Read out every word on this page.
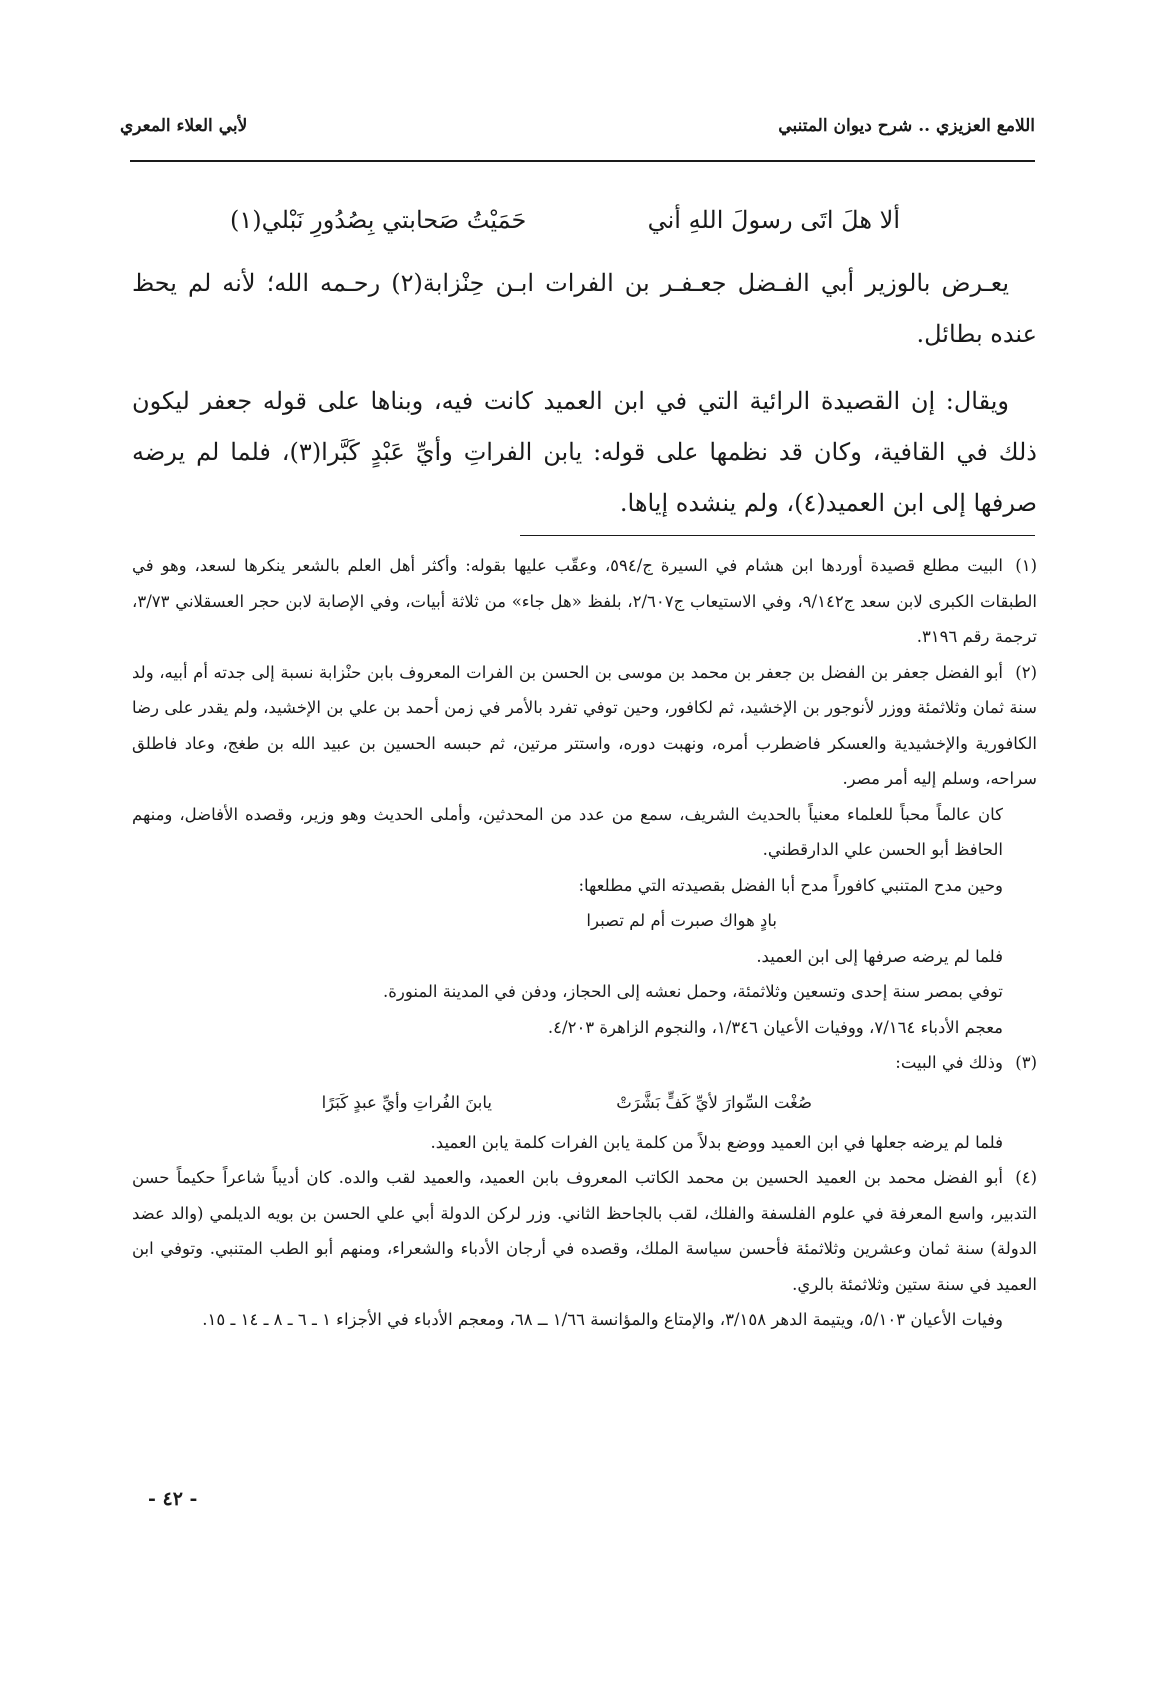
اللامع العزيزي .. شرح ديوان المتنبي
لأبي العلاء المعري
ألا هلَ اتَى رسولَ اللهِ أني
حَمَيْتُ صَحابتي بِصُدُورِ نَبْلي(١)

يعـرض بالوزير أبي الفـضل جعـفـر بن الفرات ابـن حِنْزابة(٢) رحـمه الله؛ لأنه لم يحظ عنده بطائل.

ويقال: إن القصيدة الرائية التي في ابن العميد كانت فيه، وبناها على قوله جعفر ليكون ذلك في القافية، وكان قد نظمها على قوله: يابن الفراتِ وأيِّ عَبْدٍ كَبَّرا(٣)، فلما لم يرضه صرفها إلى ابن العميد(٤)، ولم ينشده إياها.

(١)البيت مطلع قصيدة أوردها ابن هشام في السيرة ج/٥٩٤، وعقّب عليها بقوله: وأكثر أهل العلم بالشعر ينكرها لسعد، وهو في الطبقات الكبرى لابن سعد ج٩/١٤٢، وفي الاستيعاب ج٢/٦٠٧، بلفظ «هل جاء» من ثلاثة أبيات، وفي الإصابة لابن حجر العسقلاني ٣/٧٣، ترجمة رقم ٣١٩٦.
(٢)أبو الفضل جعفر بن الفضل بن جعفر بن محمد بن موسى بن الحسن بن الفرات المعروف بابن حنْزابة نسبة إلى جدته أم أبيه، ولد سنة ثمان وثلاثمئة ووزر لأنوجور بن الإخشيد، ثم لكافور، وحين توفي تفرد بالأمر في زمن أحمد بن علي بن الإخشيد، ولم يقدر على رضا الكافورية والإخشيدية والعسكر فاضطرب أمره، ونهبت دوره، واستتر مرتين، ثم حبسه الحسين بن عبيد الله بن طغج، وعاد فاطلق سراحه، وسلم إليه أمر مصر.
كان عالماً محباً للعلماء معنياً بالحديث الشريف، سمع من عدد من المحدثين، وأملى الحديث وهو وزير، وقصده الأفاضل، ومنهم الحافظ أبو الحسن علي الدارقطني.
وحين مدح المتنبي كافوراً مدح أبا الفضل بقصيدته التي مطلعها:
بادٍ هواك صبرت أم لم تصبرا
فلما لم يرضه صرفها إلى ابن العميد.
توفي بمصر سنة إحدى وتسعين وثلاثمئة، وحمل نعشه إلى الحجاز، ودفن في المدينة المنورة.
معجم الأدباء ٧/١٦٤، ووفيات الأعيان ١/٣٤٦، والنجوم الزاهرة ٤/٢٠٣.
(٣)وذلك في البيت:
صُغْت السِّوارَ لأيِّ كَفٍّ بَشَّرَتْ
يابنَ الفُراتِ وأيِّ عبدٍ كَبَرًا
فلما لم يرضه جعلها في ابن العميد ووضع بدلاً من كلمة يابن الفرات كلمة يابن العميد.
(٤)أبو الفضل محمد بن العميد الحسين بن محمد الكاتب المعروف بابن العميد، والعميد لقب والده. كان أديباً شاعراً حكيماً حسن التدبير، واسع المعرفة في علوم الفلسفة والفلك، لقب بالجاحظ الثاني. وزر لركن الدولة أبي علي الحسن بن بويه الديلمي (والد عضد الدولة) سنة ثمان وعشرين وثلاثمئة فأحسن سياسة الملك، وقصده في أرجان الأدباء والشعراء، ومنهم أبو الطب المتنبي. وتوفي ابن العميد في سنة ستين وثلاثمئة بالري.
وفيات الأعيان ٥/١٠٣، ويتيمة الدهر ٣/١٥٨، والإمتاع والمؤانسة ١/٦٦ ــ ٦٨، ومعجم الأدباء في الأجزاء ١ ـ ٦ ـ ٨ ـ ١٤ ـ ١٥.
- ٤٢ -
